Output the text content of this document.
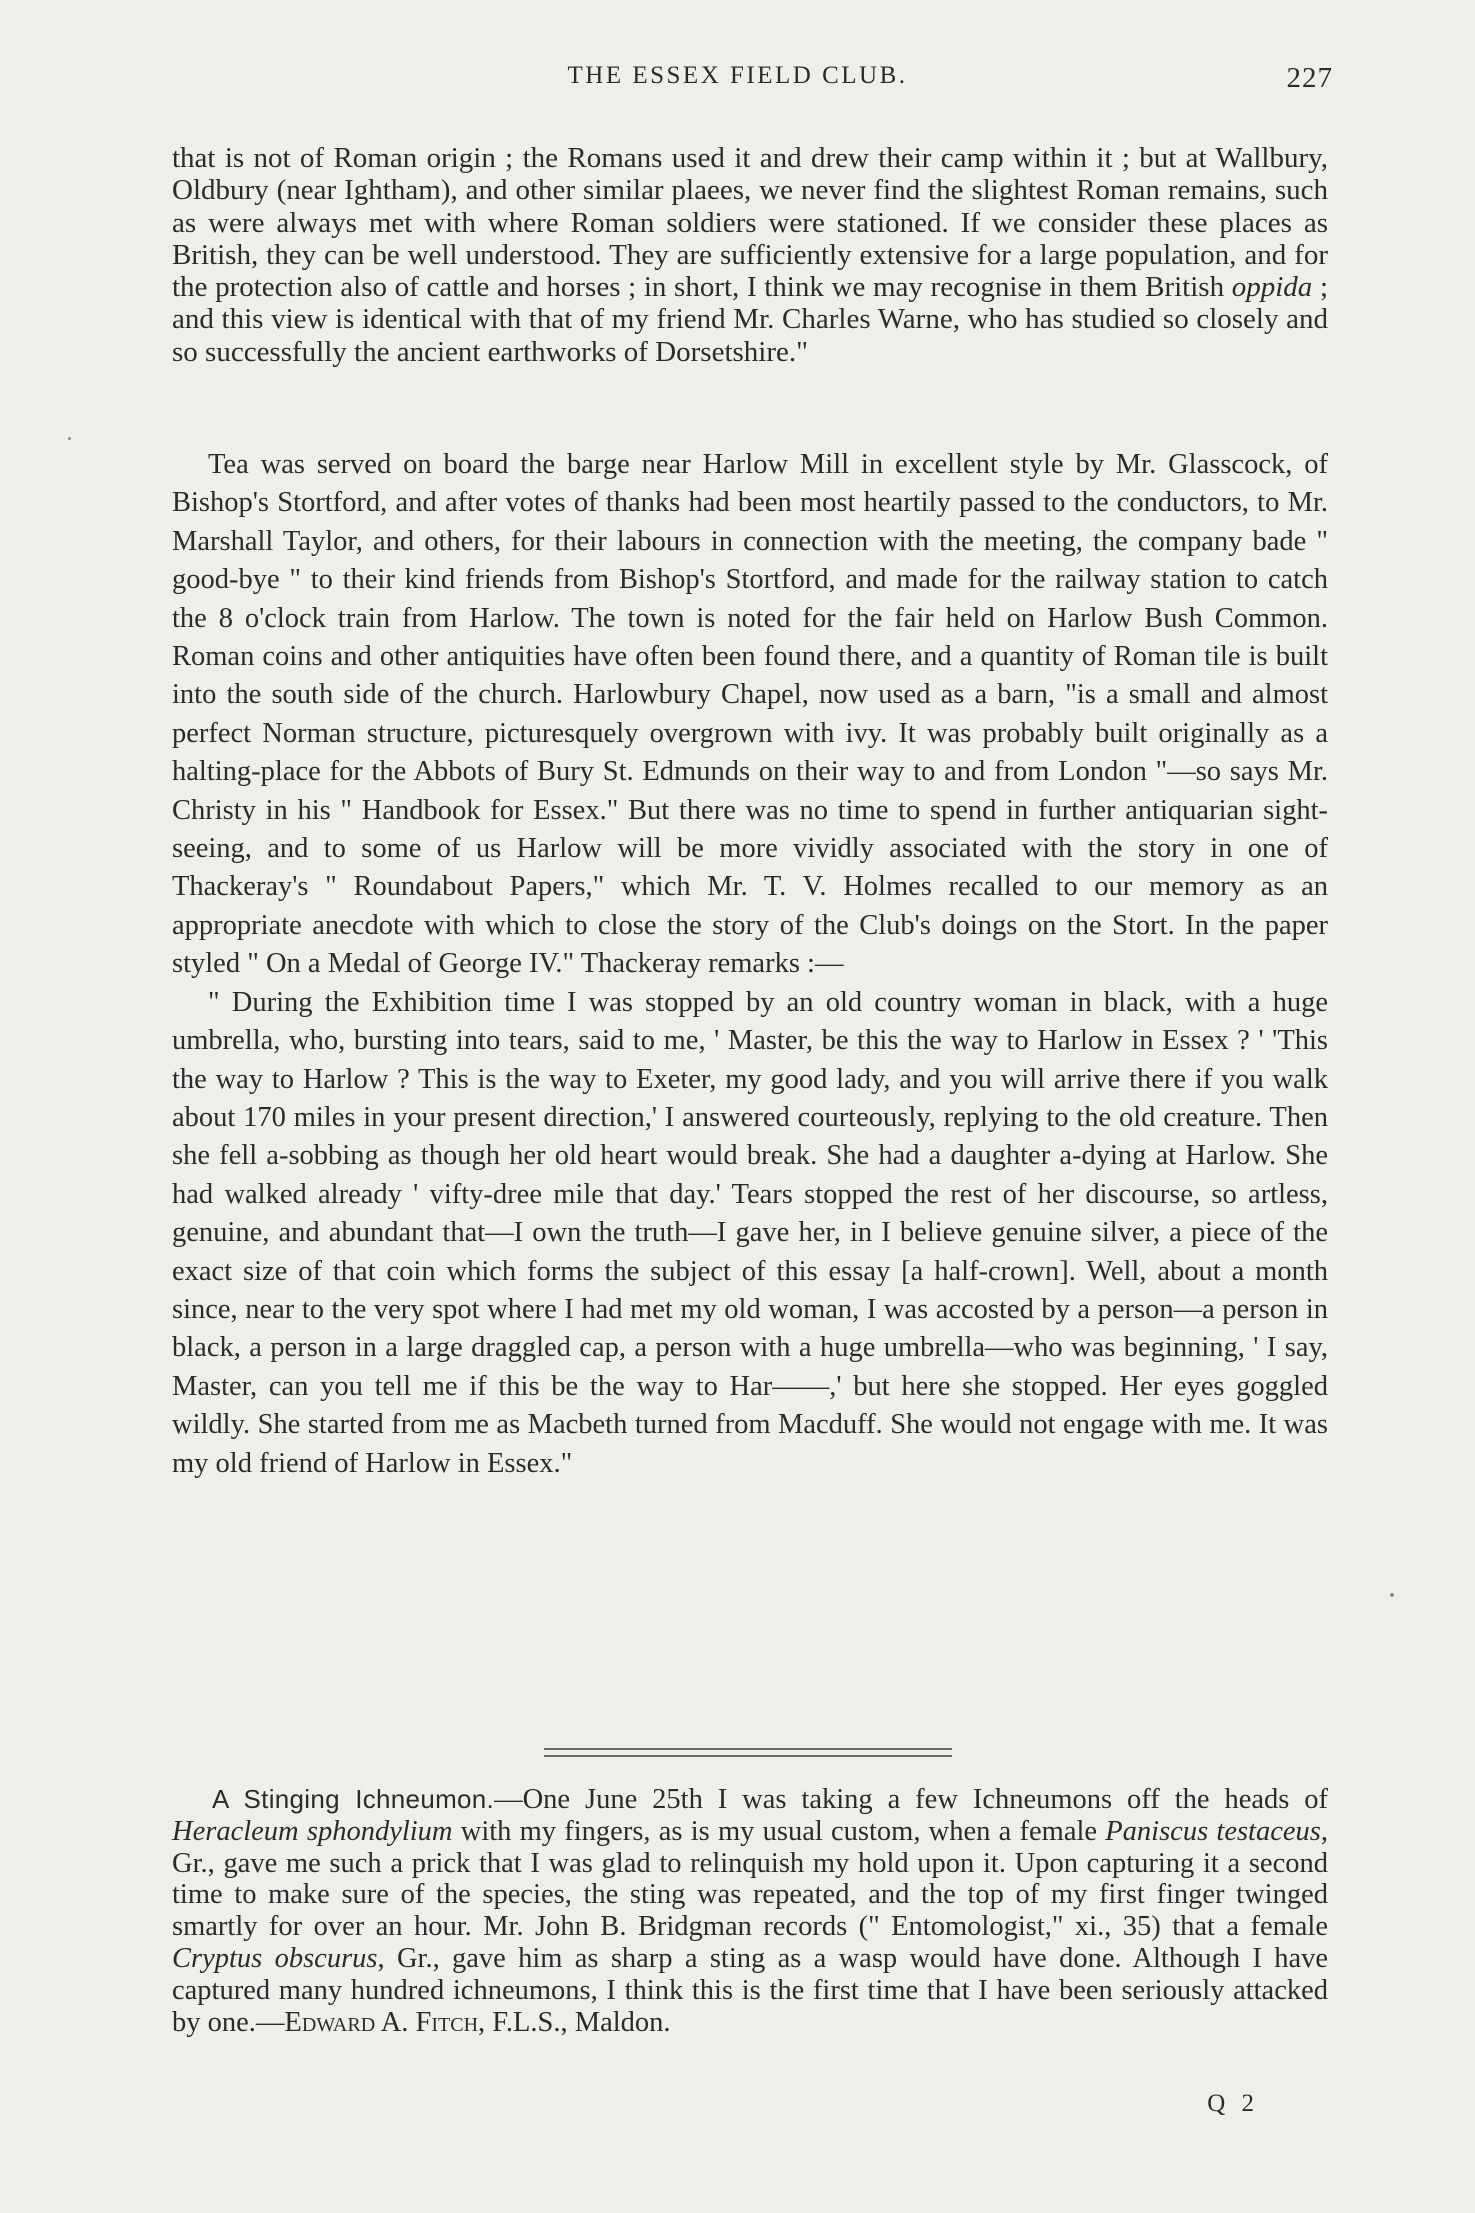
THE ESSEX FIELD CLUB.	227

that is not of Roman origin ; the Romans used it and drew their camp within it ; but at Wallbury, Oldbury (near Ightham), and other similar plaees, we never find the slightest Roman remains, such as were always met with where Roman soldiers were stationed. If we consider these places as British, they can be well understood. They are sufficiently extensive for a large population, and for the protection also of cattle and horses ; in short, I think we may recognise in them British oppida ; and this view is identical with that of my friend Mr. Charles Warne, who has studied so closely and so successfully the ancient earthworks of Dorsetshire."

Tea was served on board the barge near Harlow Mill in excellent style by Mr. Glasscock, of Bishop's Stortford, and after votes of thanks had been most heartily passed to the conductors, to Mr. Marshall Taylor, and others, for their labours in connection with the meeting, the company bade " good-bye " to their kind friends from Bishop's Stortford, and made for the railway station to catch the 8 o'clock train from Harlow. The town is noted for the fair held on Harlow Bush Common. Roman coins and other antiquities have often been found there, and a quantity of Roman tile is built into the south side of the church. Harlowbury Chapel, now used as a barn, "is a small and almost perfect Norman structure, picturesquely overgrown with ivy. It was probably built originally as a halting-place for the Abbots of Bury St. Edmunds on their way to and from London "—so says Mr. Christy in his " Handbook for Essex." But there was no time to spend in further antiquarian sight-seeing, and to some of us Harlow will be more vividly associated with the story in one of Thackeray's " Roundabout Papers," which Mr. T. V. Holmes recalled to our memory as an appropriate anecdote with which to close the story of the Club's doings on the Stort. In the paper styled " On a Medal of George IV." Thackeray remarks :—

" During the Exhibition time I was stopped by an old country woman in black, with a huge umbrella, who, bursting into tears, said to me, ' Master, be this the way to Harlow in Essex ? ' 'This the way to Harlow ? This is the way to Exeter, my good lady, and you will arrive there if you walk about 170 miles in your present direction,' I answered courteously, replying to the old creature. Then she fell a-sobbing as though her old heart would break. She had a daughter a-dying at Harlow. She had walked already ' vifty-dree mile that day.' Tears stopped the rest of her discourse, so artless, genuine, and abundant that—I own the truth—I gave her, in I believe genuine silver, a piece of the exact size of that coin which forms the subject of this essay [a half-crown]. Well, about a month since, near to the very spot where I had met my old woman, I was accosted by a person—a person in black, a person in a large draggled cap, a person with a huge umbrella—who was beginning, ' I say, Master, can you tell me if this be the way to Har——,' but here she stopped. Her eyes goggled wildly. She started from me as Macbeth turned from Macduff. She would not engage with me. It was my old friend of Harlow in Essex."

A Stinging Ichneumon.—One June 25th I was taking a few Ichneumons off the heads of Heracleum sphondylium with my fingers, as is my usual custom, when a female Paniscus testaceus, Gr., gave me such a prick that I was glad to relinquish my hold upon it. Upon capturing it a second time to make sure of the species, the sting was repeated, and the top of my first finger twinged smartly for over an hour. Mr. John B. Bridgman records (" Entomologist," xi., 35) that a female Cryptus obscurus, Gr., gave him as sharp a sting as a wasp would have done. Although I have captured many hundred ichneumons, I think this is the first time that I have been seriously attacked by one.—Edward A. Fitch, F.L.S., Maldon.
Q 2
